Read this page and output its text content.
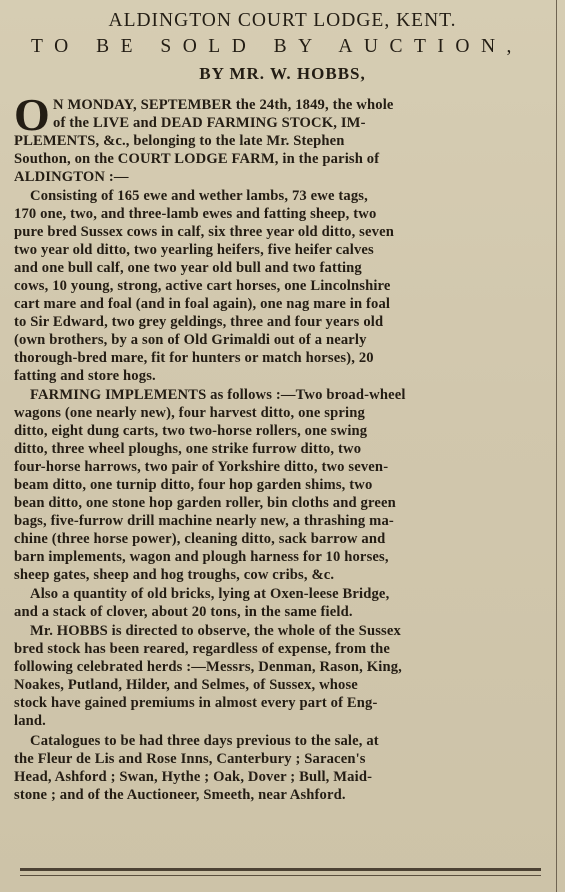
ALDINGTON COURT LODGE, KENT.
TO BE SOLD BY AUCTION,
BY MR. W. HOBBS,
O N MONDAY, SEPTEMBER the 24th, 1849, the whole
of the LIVE and DEAD FARMING STOCK, IM-
PLEMENTS, &c., belonging to the late Mr. Stephen
Southon, on the COURT LODGE FARM, in the parish of
ALDINGTON :—
Consisting of 165 ewe and wether lambs, 73 ewe tags,
170 one, two, and three-lamb ewes and fatting sheep, two
pure bred Sussex cows in calf, six three year old ditto, seven
two year old ditto, two yearling heifers, five heifer calves
and one bull calf, one two year old bull and two fatting
cows, 10 young, strong, active cart horses, one Lincolnshire
cart mare and foal (and in foal again), one nag mare in foal
to Sir Edward, two grey geldings, three and four years old
(own brothers, by a son of Old Grimaldi out of a nearly
thorough-bred mare, fit for hunters or match horses), 20
fatting and store hogs.
FARMING IMPLEMENTS as follows :—Two broad-wheel
wagons (one nearly new), four harvest ditto, one spring
ditto, eight dung carts, two two-horse rollers, one swing
ditto, three wheel ploughs, one strike furrow ditto, two
four-horse harrows, two pair of Yorkshire ditto, two seven-
beam ditto, one turnip ditto, four hop garden shims, two
bean ditto, one stone hop garden roller, bin cloths and green
bags, five-furrow drill machine nearly new, a thrashing ma-
chine (three horse power), cleaning ditto, sack barrow and
barn implements, wagon and plough harness for 10 horses,
sheep gates, sheep and hog troughs, cow cribs, &c.
Also a quantity of old bricks, lying at Oxen-leese Bridge,
and a stack of clover, about 20 tons, in the same field.
Mr. HOBBS is directed to observe, the whole of the Sussex
bred stock has been reared, regardless of expense, from the
following celebrated herds :—Messrs, Denman, Rason, King,
Noakes, Putland, Hilder, and Selmes, of Sussex, whose
stock have gained premiums in almost every part of Eng-
land.
Catalogues to be had three days previous to the sale, at
the Fleur de Lis and Rose Inns, Canterbury ; Saracen's
Head, Ashford ; Swan, Hythe ; Oak, Dover ; Bull, Maid-
stone ; and of the Auctioneer, Smeeth, near Ashford.
